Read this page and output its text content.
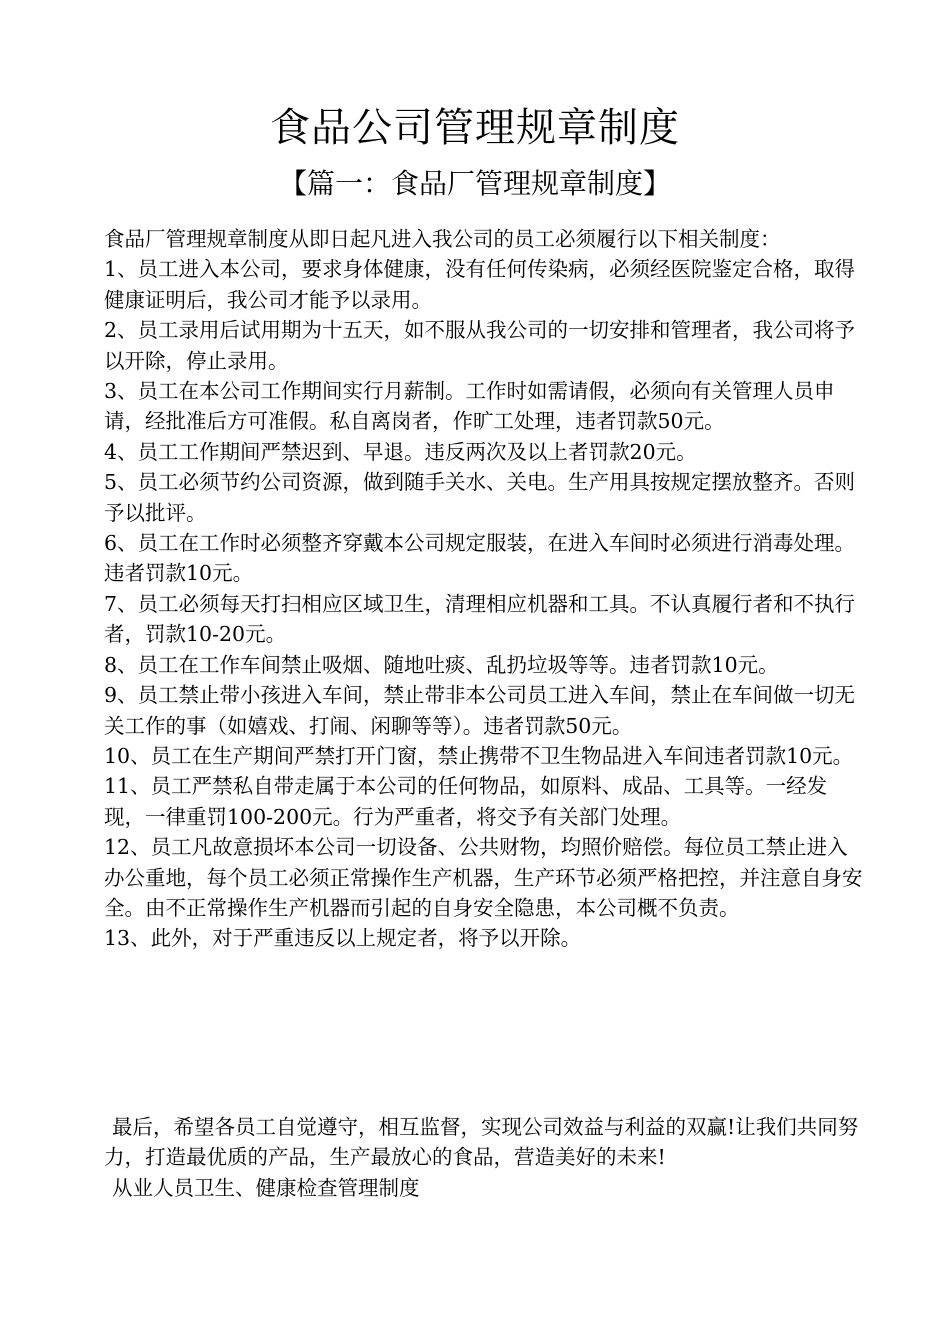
食品公司管理规章制度
【篇一：食品厂管理规章制度】

食品厂管理规章制度从即日起凡进入我公司的员工必须履行以下相关制度：

1、员工进入本公司，要求身体健康，没有任何传染病，必须经医院鉴定合格，取得健康证明后，我公司才能予以录用。

2、员工录用后试用期为十五天，如不服从我公司的一切安排和管理者，我公司将予以开除，停止录用。

3、员工在本公司工作期间实行月薪制。工作时如需请假，必须向有关管理人员申请，经批准后方可准假。私自离岗者，作旷工处理，违者罚款50元。

4、员工工作期间严禁迟到、早退。违反两次及以上者罚款20元。

5、员工必须节约公司资源，做到随手关水、关电。生产用具按规定摆放整齐。否则予以批评。

6、员工在工作时必须整齐穿戴本公司规定服装，在进入车间时必须进行消毒处理。违者罚款10元。

7、员工必须每天打扫相应区域卫生，清理相应机器和工具。不认真履行者和不执行者，罚款10-20元。

8、员工在工作车间禁止吸烟、随地吐痰、乱扔垃圾等等。违者罚款10元。

9、员工禁止带小孩进入车间，禁止带非本公司员工进入车间，禁止在车间做一切无关工作的事（如嬉戏、打闹、闲聊等等）。违者罚款50元。

10、员工在生产期间严禁打开门窗，禁止携带不卫生物品进入车间违者罚款10元。

11、员工严禁私自带走属于本公司的任何物品，如原料、成品、工具等。一经发现，一律重罚100-200元。行为严重者，将交予有关部门处理。

12、员工凡故意损坏本公司一切设备、公共财物，均照价赔偿。每位员工禁止进入办公重地，每个员工必须正常操作生产机器，生产环节必须严格把控，并注意自身安全。由不正常操作生产机器而引起的自身安全隐患，本公司概不负责。

13、此外，对于严重违反以上规定者，将予以开除。

最后，希望各员工自觉遵守，相互监督，实现公司效益与利益的双赢!让我们共同努力，打造最优质的产品，生产最放心的食品，营造美好的未来!

从业人员卫生、健康检查管理制度
